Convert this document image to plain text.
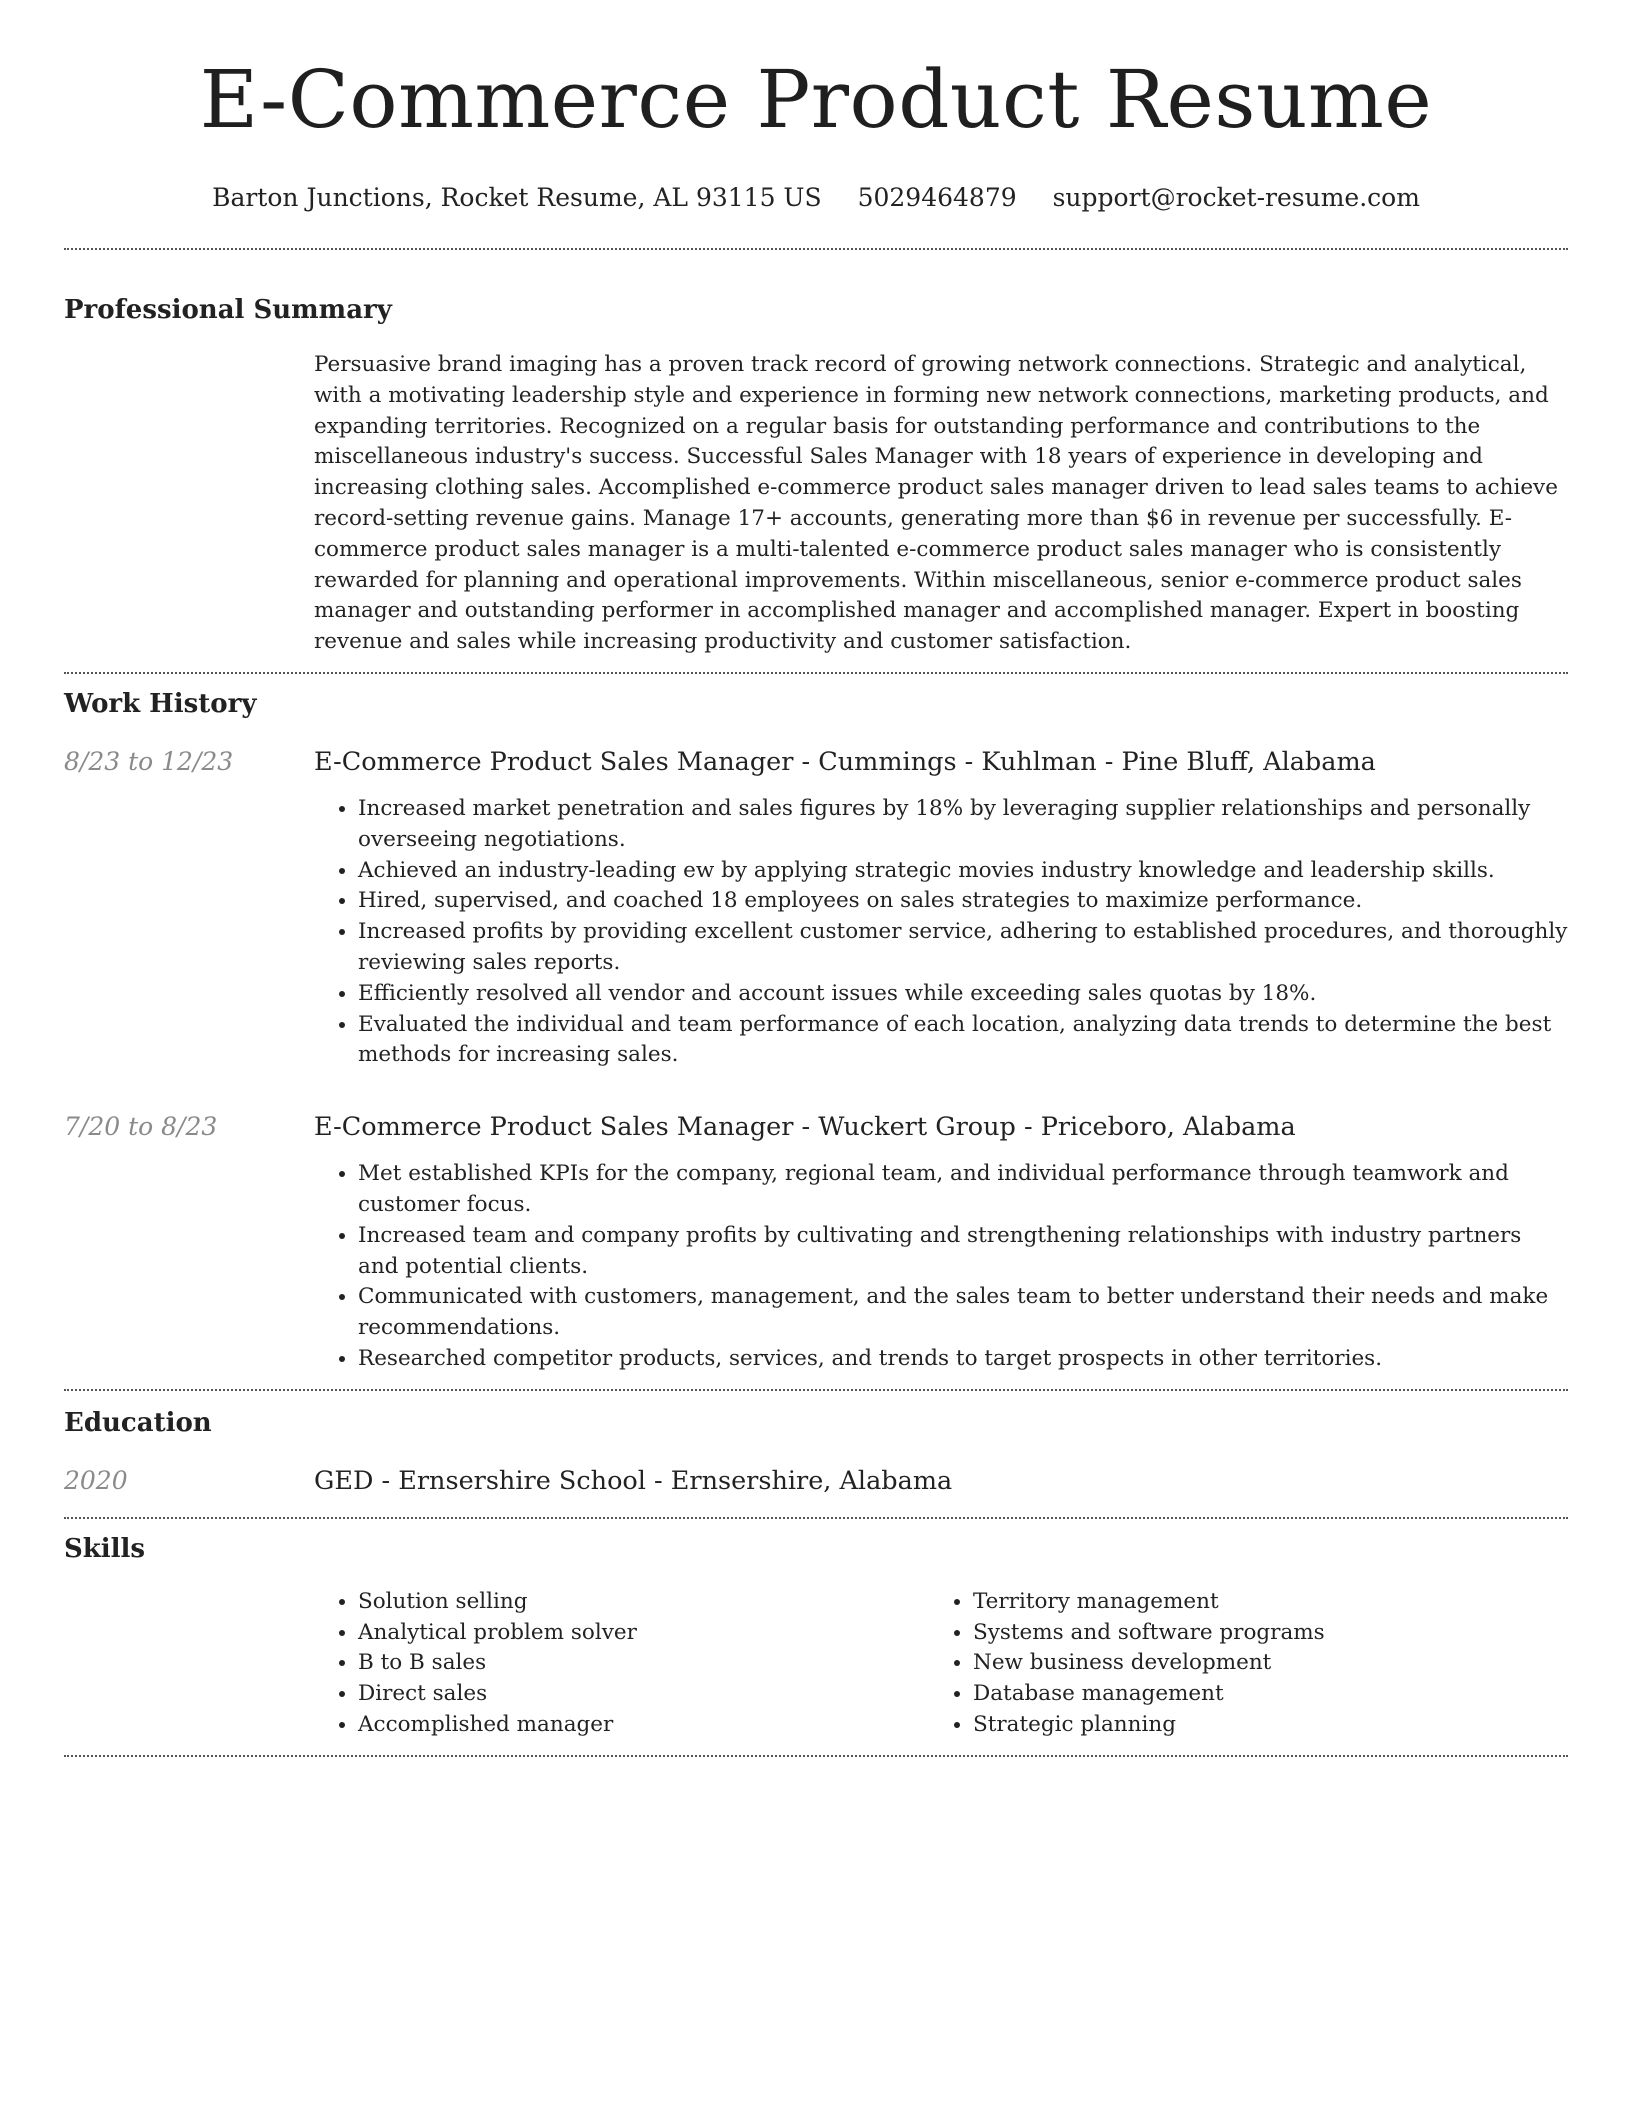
E-Commerce Product Resume
Barton Junctions, Rocket Resume, AL 93115 US 5029464879 support@rocket-resume.com
Professional Summary
Persuasive brand imaging has a proven track record of growing network connections. Strategic and analytical, with a motivating leadership style and experience in forming new network connections, marketing products, and expanding territories. Recognized on a regular basis for outstanding performance and contributions to the miscellaneous industry's success. Successful Sales Manager with 18 years of experience in developing and increasing clothing sales. Accomplished e-commerce product sales manager driven to lead sales teams to achieve record-setting revenue gains. Manage 17+ accounts, generating more than $6 in revenue per successfully. E-commerce product sales manager is a multi-talented e-commerce product sales manager who is consistently rewarded for planning and operational improvements. Within miscellaneous, senior e-commerce product sales manager and outstanding performer in accomplished manager and accomplished manager. Expert in boosting revenue and sales while increasing productivity and customer satisfaction.
Work History
8/23 to 12/23	E-Commerce Product Sales Manager - Cummings - Kuhlman - Pine Bluff, Alabama
• Increased market penetration and sales figures by 18% by leveraging supplier relationships and personally overseeing negotiations.
• Achieved an industry-leading ew by applying strategic movies industry knowledge and leadership skills.
• Hired, supervised, and coached 18 employees on sales strategies to maximize performance.
• Increased profits by providing excellent customer service, adhering to established procedures, and thoroughly reviewing sales reports.
• Efficiently resolved all vendor and account issues while exceeding sales quotas by 18%.
• Evaluated the individual and team performance of each location, analyzing data trends to determine the best methods for increasing sales.
7/20 to 8/23	E-Commerce Product Sales Manager - Wuckert Group - Priceboro, Alabama
• Met established KPIs for the company, regional team, and individual performance through teamwork and customer focus.
• Increased team and company profits by cultivating and strengthening relationships with industry partners and potential clients.
• Communicated with customers, management, and the sales team to better understand their needs and make recommendations.
• Researched competitor products, services, and trends to target prospects in other territories.
Education
2020	GED - Ernsershire School - Ernsershire, Alabama
Skills
• Solution selling
• Analytical problem solver
• B to B sales
• Direct sales
• Accomplished manager
• Territory management
• Systems and software programs
• New business development
• Database management
• Strategic planning
